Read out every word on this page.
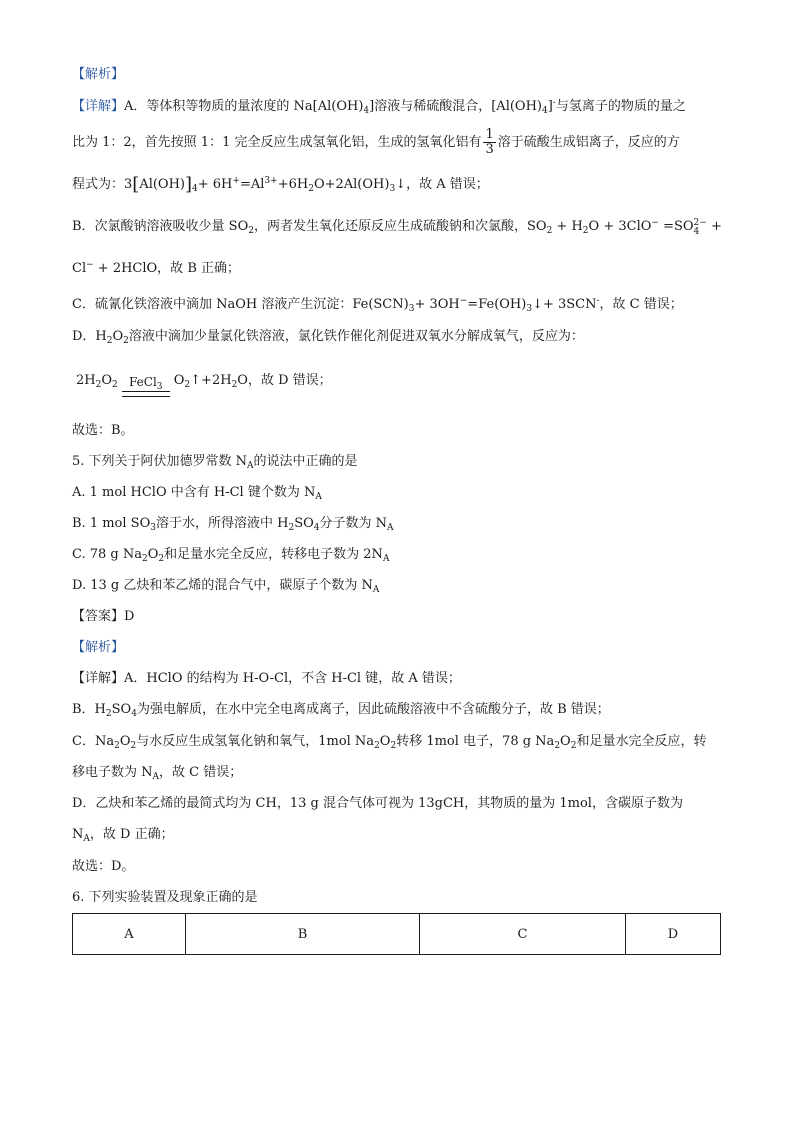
【解析】
【详解】A．等体积等物质的量浓度的 $Na[Al(OH)_4]$溶液与稀硫酸混合，$[Al(OH)_4]^-$与氢离子的物质的量之
比为 1：2，首先按照 1：1 完全反应生成氢氧化铝，生成的氢氧化铝有 $\frac{1}{3}$ 溶于硫酸生成铝离子，反应的方
程式为：$3[Al(OH)]_4+$ $6H^+=Al^{3+}+6H_2O+2Al(OH)_3↓$，故 A 错误；
B．次氯酸钠溶液吸收少量 $SO_2$，两者发生氧化还原反应生成硫酸钠和次氯酸，$SO_2 + H_2O + 3ClO^- =SO$ 2−
4 +
Cl− + 2HClO，故 B 正确；
C．硫氰化铁溶液中滴加 NaOH 溶液产生沉淀：$Fe(SCN)_3+$ $3OH^-=Fe(OH)_3↓+ 3SCN^-$，故 C 错误；
D．$H_2O_2$溶液中滴加少量氯化铁溶液，氯化铁作催化剂促进双氧水分解成氧气，反应为：
$2H_2O_2$ FeCl$_3$ $O_2↑+2H_2O$，故 D 错误；
故选：B。
5. 下列关于阿伏加德罗常数 $N_A$的说法中正确的是
A. 1 mol HClO 中含有 H-Cl 键个数为 $N_A$
B. 1 mol $SO_3$溶于水，所得溶液中 $H_2SO_4$分子数为 $N_A$
C. 78 g $Na_2O_2$和足量水完全反应，转移电子数为 $2N_A$
D. 13 g 乙炔和苯乙烯的混合气中，碳原子个数为 $N_A$
【答案】D
【解析】
【详解】A．HClO 的结构为 H-O-Cl，不含 H-Cl 键，故 A 错误；
B．$H_2SO_4$为强电解质，在水中完全电离成离子，因此硫酸溶液中不含硫酸分子，故 B 错误；
C．$Na_2O_2$与水反应生成氢氧化钠和氧气，1mol $Na_2O_2$转移 1mol 电子，78 g $Na_2O_2$和足量水完全反应，转
移电子数为 $N_A$，故 C 错误；
D．乙炔和苯乙烯的最简式均为 CH，13 g 混合气体可视为 13gCH，其物质的量为 1mol，含碳原子数为
$N_A$，故 D 正确；
故选：D。
6. 下列实验装置及现象正确的是
A	B	C	D
